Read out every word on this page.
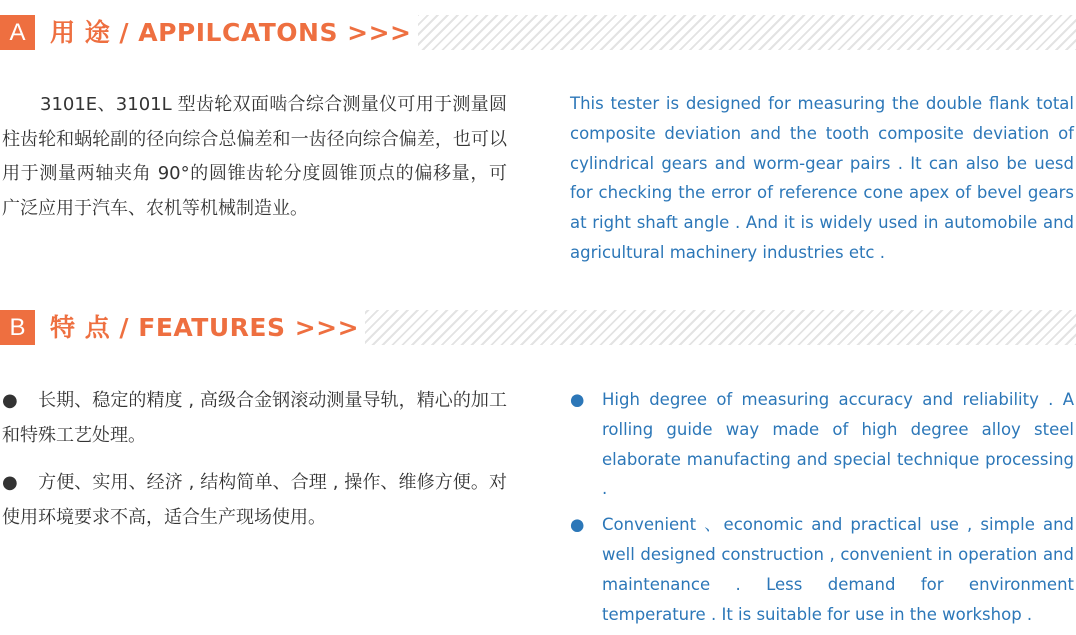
A 用 途 / APPILCATONS >>>

3101E、3101L 型齿轮双面啮合综合测量仪可用于测量圆柱齿轮和蜗轮副的径向综合总偏差和一齿径向综合偏差，也可以用于测量两轴夹角 90°的圆锥齿轮分度圆锥顶点的偏移量，可广泛应用于汽车、农机等机械制造业。

This tester is designed for measuring the double flank total composite deviation and the tooth composite deviation of cylindrical gears and worm-gear pairs . It can also be uesd for checking the error of reference cone apex of bevel gears at right shaft angle . And it is widely used in automobile and agricultural machinery industries etc .

B 特 点 / FEATURES >>>
● 长期、稳定的精度 , 高级合金钢滚动测量导轨，精心的加工和特殊工艺处理。
● 方便、实用、经济 , 结构简单、合理 , 操作、维修方便。对使用环境要求不高，适合生产现场使用。
● High degree of measuring accuracy and reliability . A rolling guide way made of high degree alloy steel elaborate manufacting and special technique processing .
● Convenient 、economic and practical use , simple and well designed construction , convenient in operation and maintenance . Less demand for environment temperature . It is suitable for use in the workshop .
